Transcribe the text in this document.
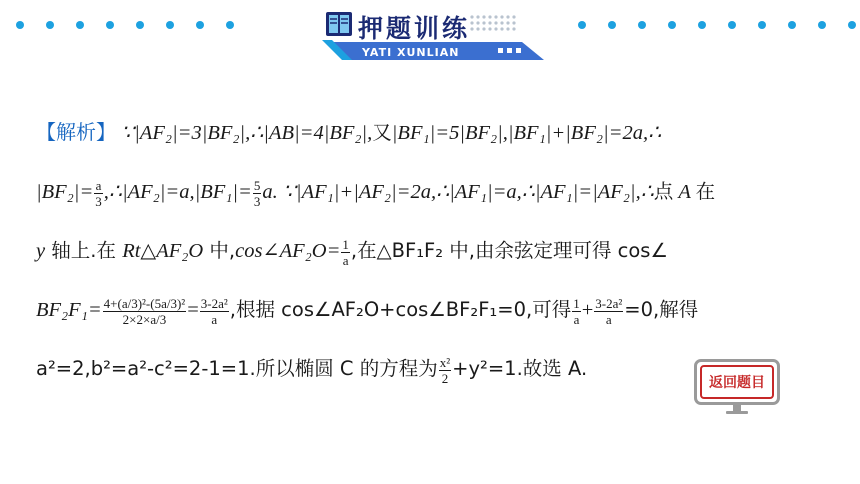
押题训练
YATI XUNLIAN
【解析】 ∵|AF₂|=3|BF₂|,∴|AB|=4|BF₂|,又|BF₁|=5|BF₂|,|BF₁|+|BF₂|=2a,∴
$|BF_2|= \frac{a}{3}$ ,∴|AF₂|=a,|BF₁|= $\frac{5}{3} a$. ∵|AF₁|+|AF₂|=2a,∴|AF₁|=a,∴|AF₁|=|AF₂|,∴点 A 在
y 轴上.在 Rt△AF₂O 中,cos∠AF₂O= $\frac{1}{a}$ ,在△BF₁F₂ 中,由余弦定理可得 cos∠
$BF_2F_1= \frac{\text{4+(a/3)²-(5a/3)²}}{2\times 2\times a/3} = \frac{\text{3-2a²}}{a}$ ,根据 cos∠AF₂O+cos∠BF₂F₁=0,可得 $\frac{1}{a} + \frac{\text{3-2a²}}{a} =0$,解得
a²=2,b²=a²-c²=2-1=1.所以椭圆 C 的方程为 $\frac{\text{x²}}{2} +y^2=1$.故选 A.
返回题目
